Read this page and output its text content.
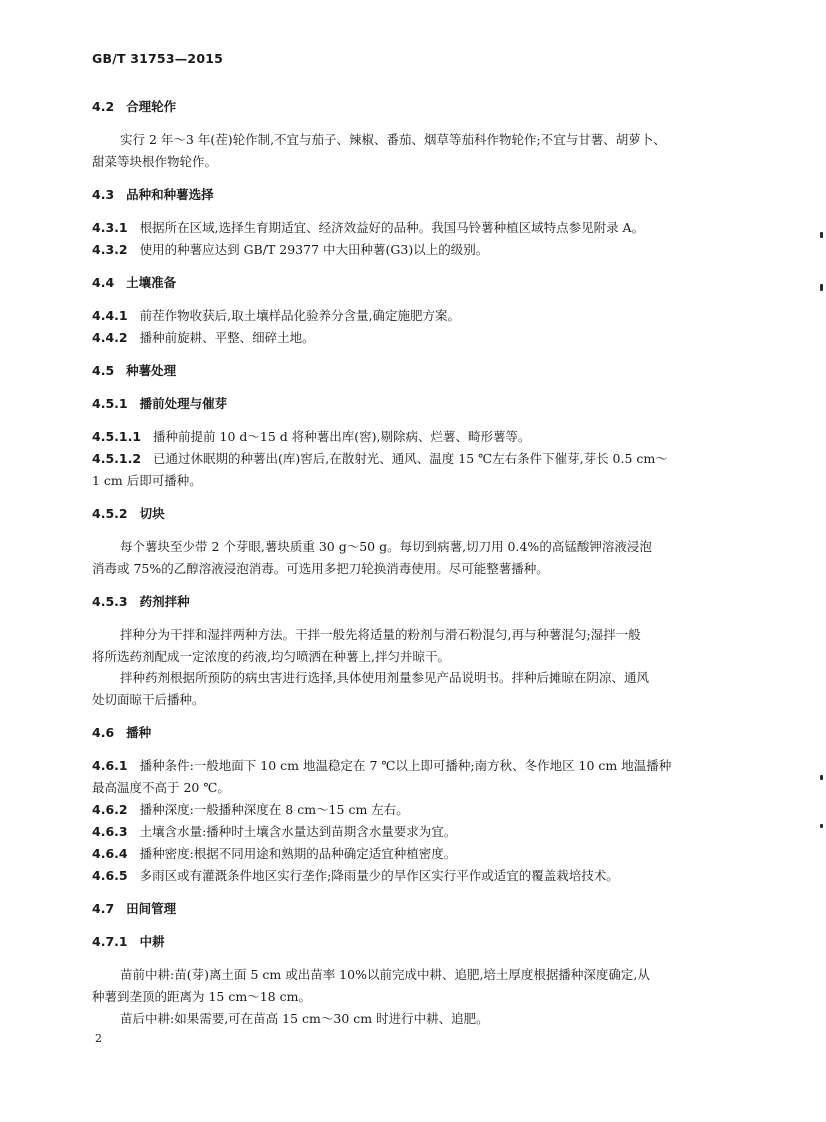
GB/T 31753—2015
4.2 合理轮作
实行 2 年～3 年(茬)轮作制,不宜与茄子、辣椒、番茄、烟草等茄科作物轮作;不宜与甘薯、胡萝卜、
甜菜等块根作物轮作。
4.3 品种和种薯选择
4.3.1 根据所在区域,选择生育期适宜、经济效益好的品种。我国马铃薯种植区域特点参见附录 A。
4.3.2 使用的种薯应达到 GB/T 29377 中大田种薯(G3)以上的级别。
4.4 土壤准备
4.4.1 前茬作物收获后,取土壤样品化验养分含量,确定施肥方案。
4.4.2 播种前旋耕、平整、细碎土地。
4.5 种薯处理
4.5.1 播前处理与催芽
4.5.1.1 播种前提前 10 d～15 d 将种薯出库(窖),剔除病、烂薯、畸形薯等。
4.5.1.2 已通过休眠期的种薯出(库)窖后,在散射光、通风、温度 15 ℃左右条件下催芽,芽长 0.5 cm～
1 cm 后即可播种。
4.5.2 切块
每个薯块至少带 2 个芽眼,薯块质重 30 g～50 g。每切到病薯,切刀用 0.4%的高锰酸钾溶液浸泡
消毒或 75%的乙醇溶液浸泡消毒。可选用多把刀轮换消毒使用。尽可能整薯播种。
4.5.3 药剂拌种
拌种分为干拌和湿拌两种方法。干拌一般先将适量的粉剂与滑石粉混匀,再与种薯混匀;湿拌一般
将所选药剂配成一定浓度的药液,均匀喷洒在种薯上,拌匀并晾干。
拌种药剂根据所预防的病虫害进行选择,具体使用剂量参见产品说明书。拌种后摊晾在阴凉、通风
处切面晾干后播种。
4.6 播种
4.6.1 播种条件:一般地面下 10 cm 地温稳定在 7 ℃以上即可播种;南方秋、冬作地区 10 cm 地温播种
最高温度不高于 20 ℃。
4.6.2 播种深度:一般播种深度在 8 cm～15 cm 左右。
4.6.3 土壤含水量:播种时土壤含水量达到苗期含水量要求为宜。
4.6.4 播种密度:根据不同用途和熟期的品种确定适宜种植密度。
4.6.5 多雨区或有灌溉条件地区实行垄作;降雨量少的旱作区实行平作或适宜的覆盖栽培技术。
4.7 田间管理
4.7.1 中耕
苗前中耕:苗(芽)离土面 5 cm 或出苗率 10%以前完成中耕、追肥,培土厚度根据播种深度确定,从
种薯到垄顶的距离为 15 cm～18 cm。
苗后中耕:如果需要,可在苗高 15 cm～30 cm 时进行中耕、追肥。
2
